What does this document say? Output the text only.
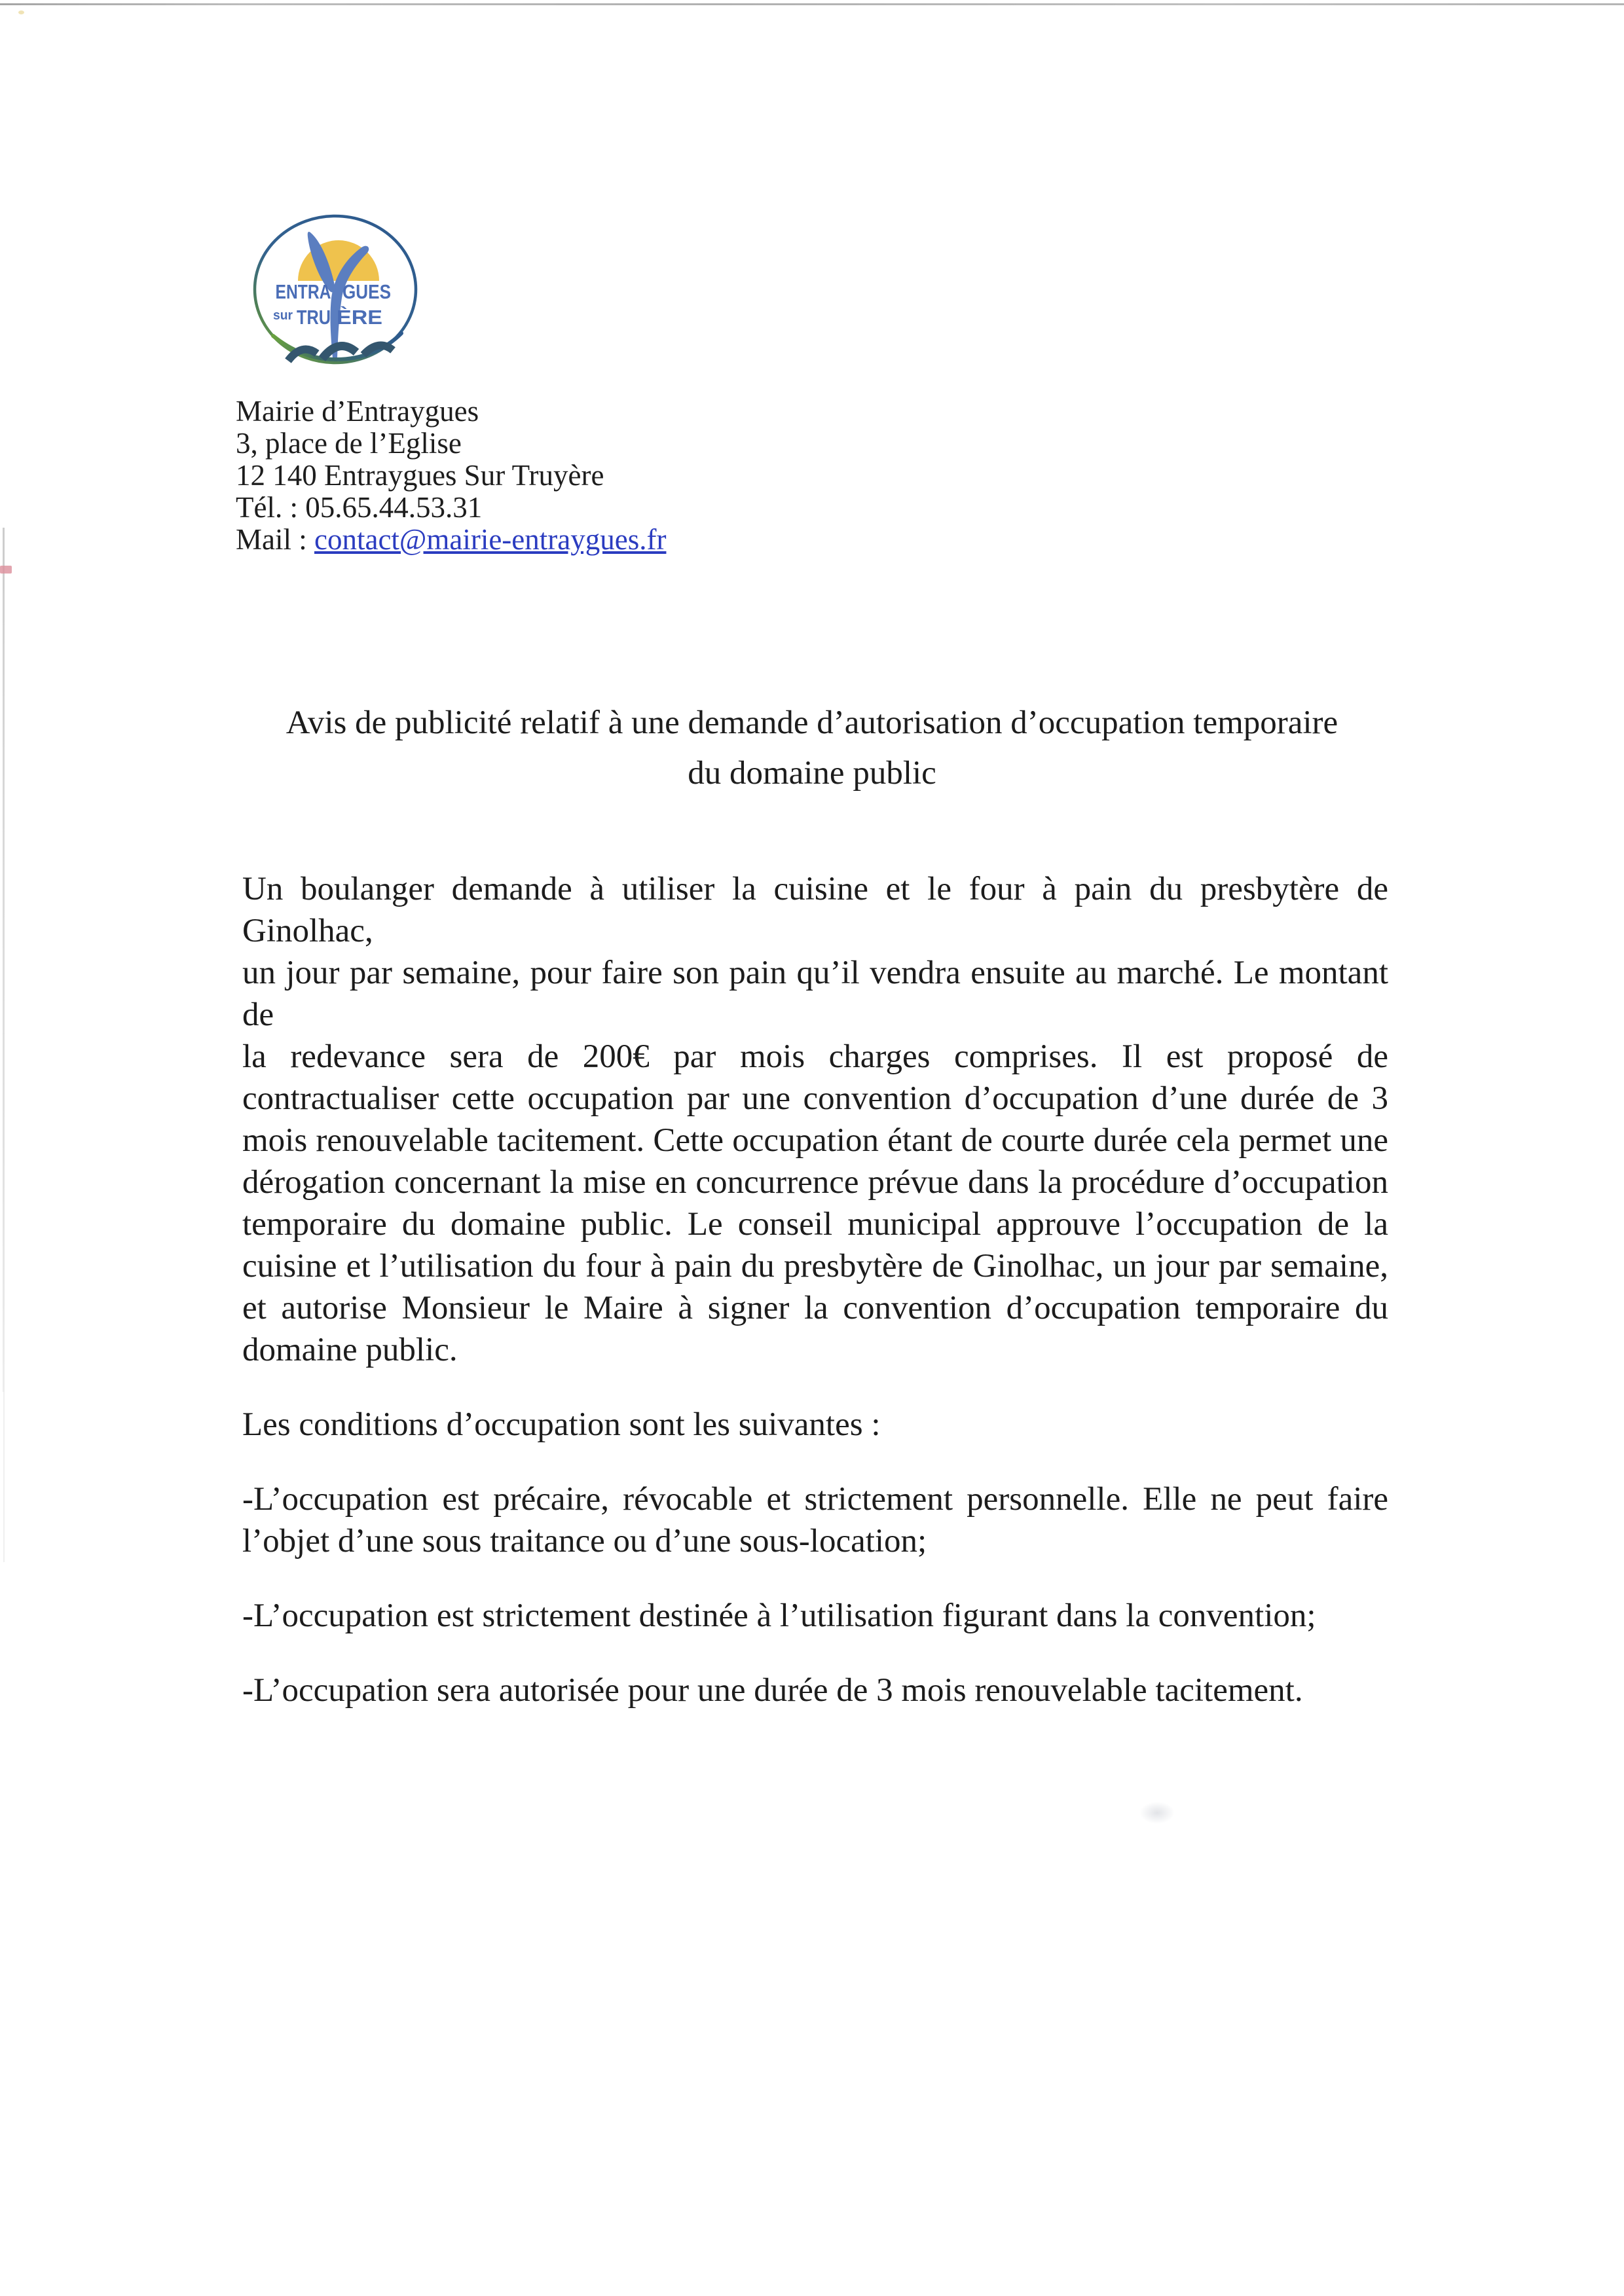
ENTRA GUES
sur TRU ÈRE
Mairie d’Entraygues
3, place de l’Eglise
12 140 Entraygues Sur Truyère
Tél. : 05.65.44.53.31
Mail : contact@mairie-entraygues.fr
Avis de publicité relatif à une demande d’autorisation d’occupation temporaire
du domaine public
Un boulanger demande à utiliser la cuisine et le four à pain du presbytère de Ginolhac,
un jour par semaine, pour faire son pain qu’il vendra ensuite au marché. Le montant de
la redevance sera de 200€ par mois charges comprises. Il est proposé de
contractualiser cette occupation par une convention d’occupation d’une durée de 3
mois renouvelable tacitement. Cette occupation étant de courte durée cela permet une
dérogation concernant la mise en concurrence prévue dans la procédure d’occupation
temporaire du domaine public. Le conseil municipal approuve l’occupation de la
cuisine et l’utilisation du four à pain du presbytère de Ginolhac, un jour par semaine,
et autorise Monsieur le Maire à signer la convention d’occupation temporaire du
domaine public.
Les conditions d’occupation sont les suivantes :
-L’occupation est précaire, révocable et strictement personnelle. Elle ne peut faire
l’objet d’une sous traitance ou d’une sous-location;
-L’occupation est strictement destinée à l’utilisation figurant dans la convention;
-L’occupation sera autorisée pour une durée de 3 mois renouvelable tacitement.
